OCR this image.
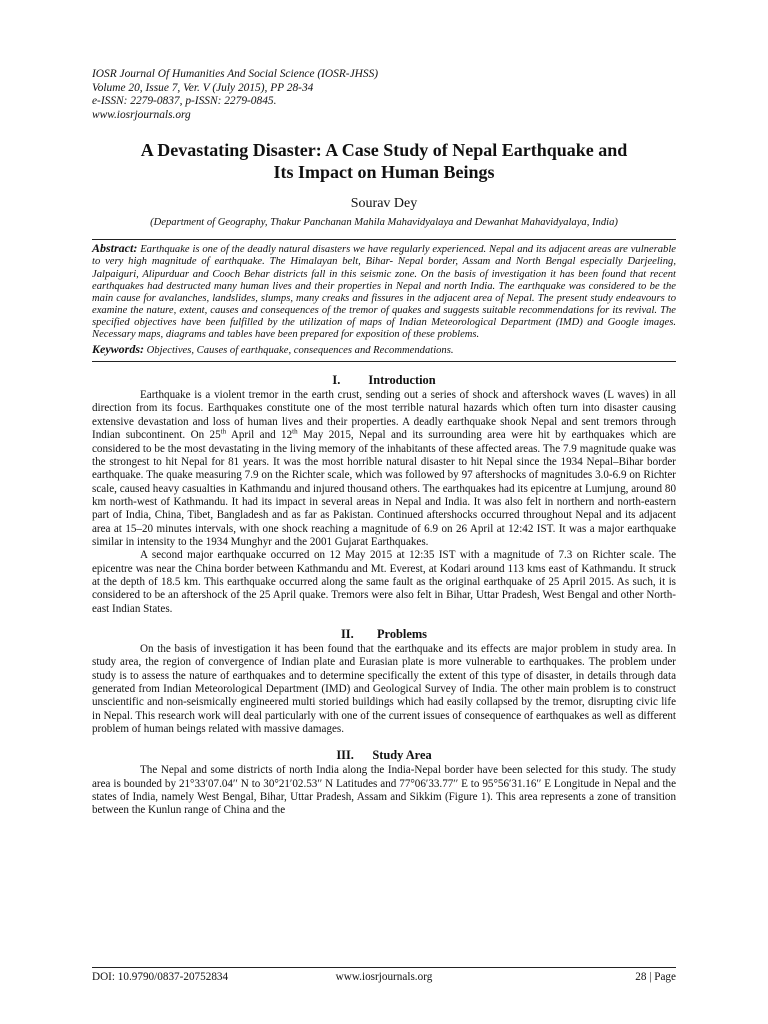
IOSR Journal Of Humanities And Social Science (IOSR-JHSS)
Volume 20, Issue 7, Ver. V (July 2015), PP 28-34
e-ISSN: 2279-0837, p-ISSN: 2279-0845.
www.iosrjournals.org
A Devastating Disaster: A Case Study of Nepal Earthquake and
Its Impact on Human Beings
Sourav Dey
(Department of Geography, Thakur Panchanan Mahila Mahavidyalaya and Dewanhat Mahavidyalaya, India)
Abstract: Earthquake is one of the deadly natural disasters we have regularly experienced. Nepal and its adjacent areas are vulnerable to very high magnitude of earthquake. The Himalayan belt, Bihar- Nepal border, Assam and North Bengal especially Darjeeling, Jalpaiguri, Alipurduar and Cooch Behar districts fall in this seismic zone. On the basis of investigation it has been found that recent earthquakes had destructed many human lives and their properties in Nepal and north India. The earthquake was considered to be the main cause for avalanches, landslides, slumps, many creaks and fissures in the adjacent area of Nepal. The present study endeavours to examine the nature, extent, causes and consequences of the tremor of quakes and suggests suitable recommendations for its revival. The specified objectives have been fulfilled by the utilization of maps of Indian Meteorological Department (IMD) and Google images. Necessary maps, diagrams and tables have been prepared for exposition of these problems.
Keywords: Objectives, Causes of earthquake, consequences and Recommendations.
I. Introduction

Earthquake is a violent tremor in the earth crust, sending out a series of shock and aftershock waves (L waves) in all direction from its focus. Earthquakes constitute one of the most terrible natural hazards which often turn into disaster causing extensive devastation and loss of human lives and their properties. A deadly earthquake shook Nepal and sent tremors through Indian subcontinent. On 25th April and 12th May 2015, Nepal and its surrounding area were hit by earthquakes which are considered to be the most devastating in the living memory of the inhabitants of these affected areas. The 7.9 magnitude quake was the strongest to hit Nepal for 81 years. It was the most horrible natural disaster to hit Nepal since the 1934 Nepal–Bihar border earthquake. The quake measuring 7.9 on the Richter scale, which was followed by 97 aftershocks of magnitudes 3.0-6.9 on Richter scale, caused heavy casualties in Kathmandu and injured thousand others. The earthquakes had its epicentre at Lumjung, around 80 km north-west of Kathmandu. It had its impact in several areas in Nepal and India. It was also felt in northern and north-eastern part of India, China, Tibet, Bangladesh and as far as Pakistan. Continued aftershocks occurred throughout Nepal and its adjacent area at 15–20 minutes intervals, with one shock reaching a magnitude of 6.9 on 26 April at 12:42 IST. It was a major earthquake similar in intensity to the 1934 Munghyr and the 2001 Gujarat Earthquakes.

A second major earthquake occurred on 12 May 2015 at 12:35 IST with a magnitude of 7.3 on Richter scale. The epicentre was near the China border between Kathmandu and Mt. Everest, at Kodari around 113 kms east of Kathmandu. It struck at the depth of 18.5 km. This earthquake occurred along the same fault as the original earthquake of 25 April 2015. As such, it is considered to be an aftershock of the 25 April quake. Tremors were also felt in Bihar, Uttar Pradesh, West Bengal and other North-east Indian States.

II. Problems

On the basis of investigation it has been found that the earthquake and its effects are major problem in study area. In study area, the region of convergence of Indian plate and Eurasian plate is more vulnerable to earthquakes. The problem under study is to assess the nature of earthquakes and to determine specifically the extent of this type of disaster, in details through data generated from Indian Meteorological Department (IMD) and Geological Survey of India. The other main problem is to construct unscientific and non-seismically engineered multi storied buildings which had easily collapsed by the tremor, disrupting civic life in Nepal. This research work will deal particularly with one of the current issues of consequence of earthquakes as well as different problem of human beings related with massive damages.

III. Study Area

The Nepal and some districts of north India along the India-Nepal border have been selected for this study. The study area is bounded by 21°33′07.04′′ N to 30°21′02.53′′ N Latitudes and 77°06′33.77′′ E to 95°56′31.16′′ E Longitude in Nepal and the states of India, namely West Bengal, Bihar, Uttar Pradesh, Assam and Sikkim (Figure 1). This area represents a zone of transition between the Kunlun range of China and the

DOI: 10.9790/0837-20752834	www.iosrjournals.org	28 | Page
